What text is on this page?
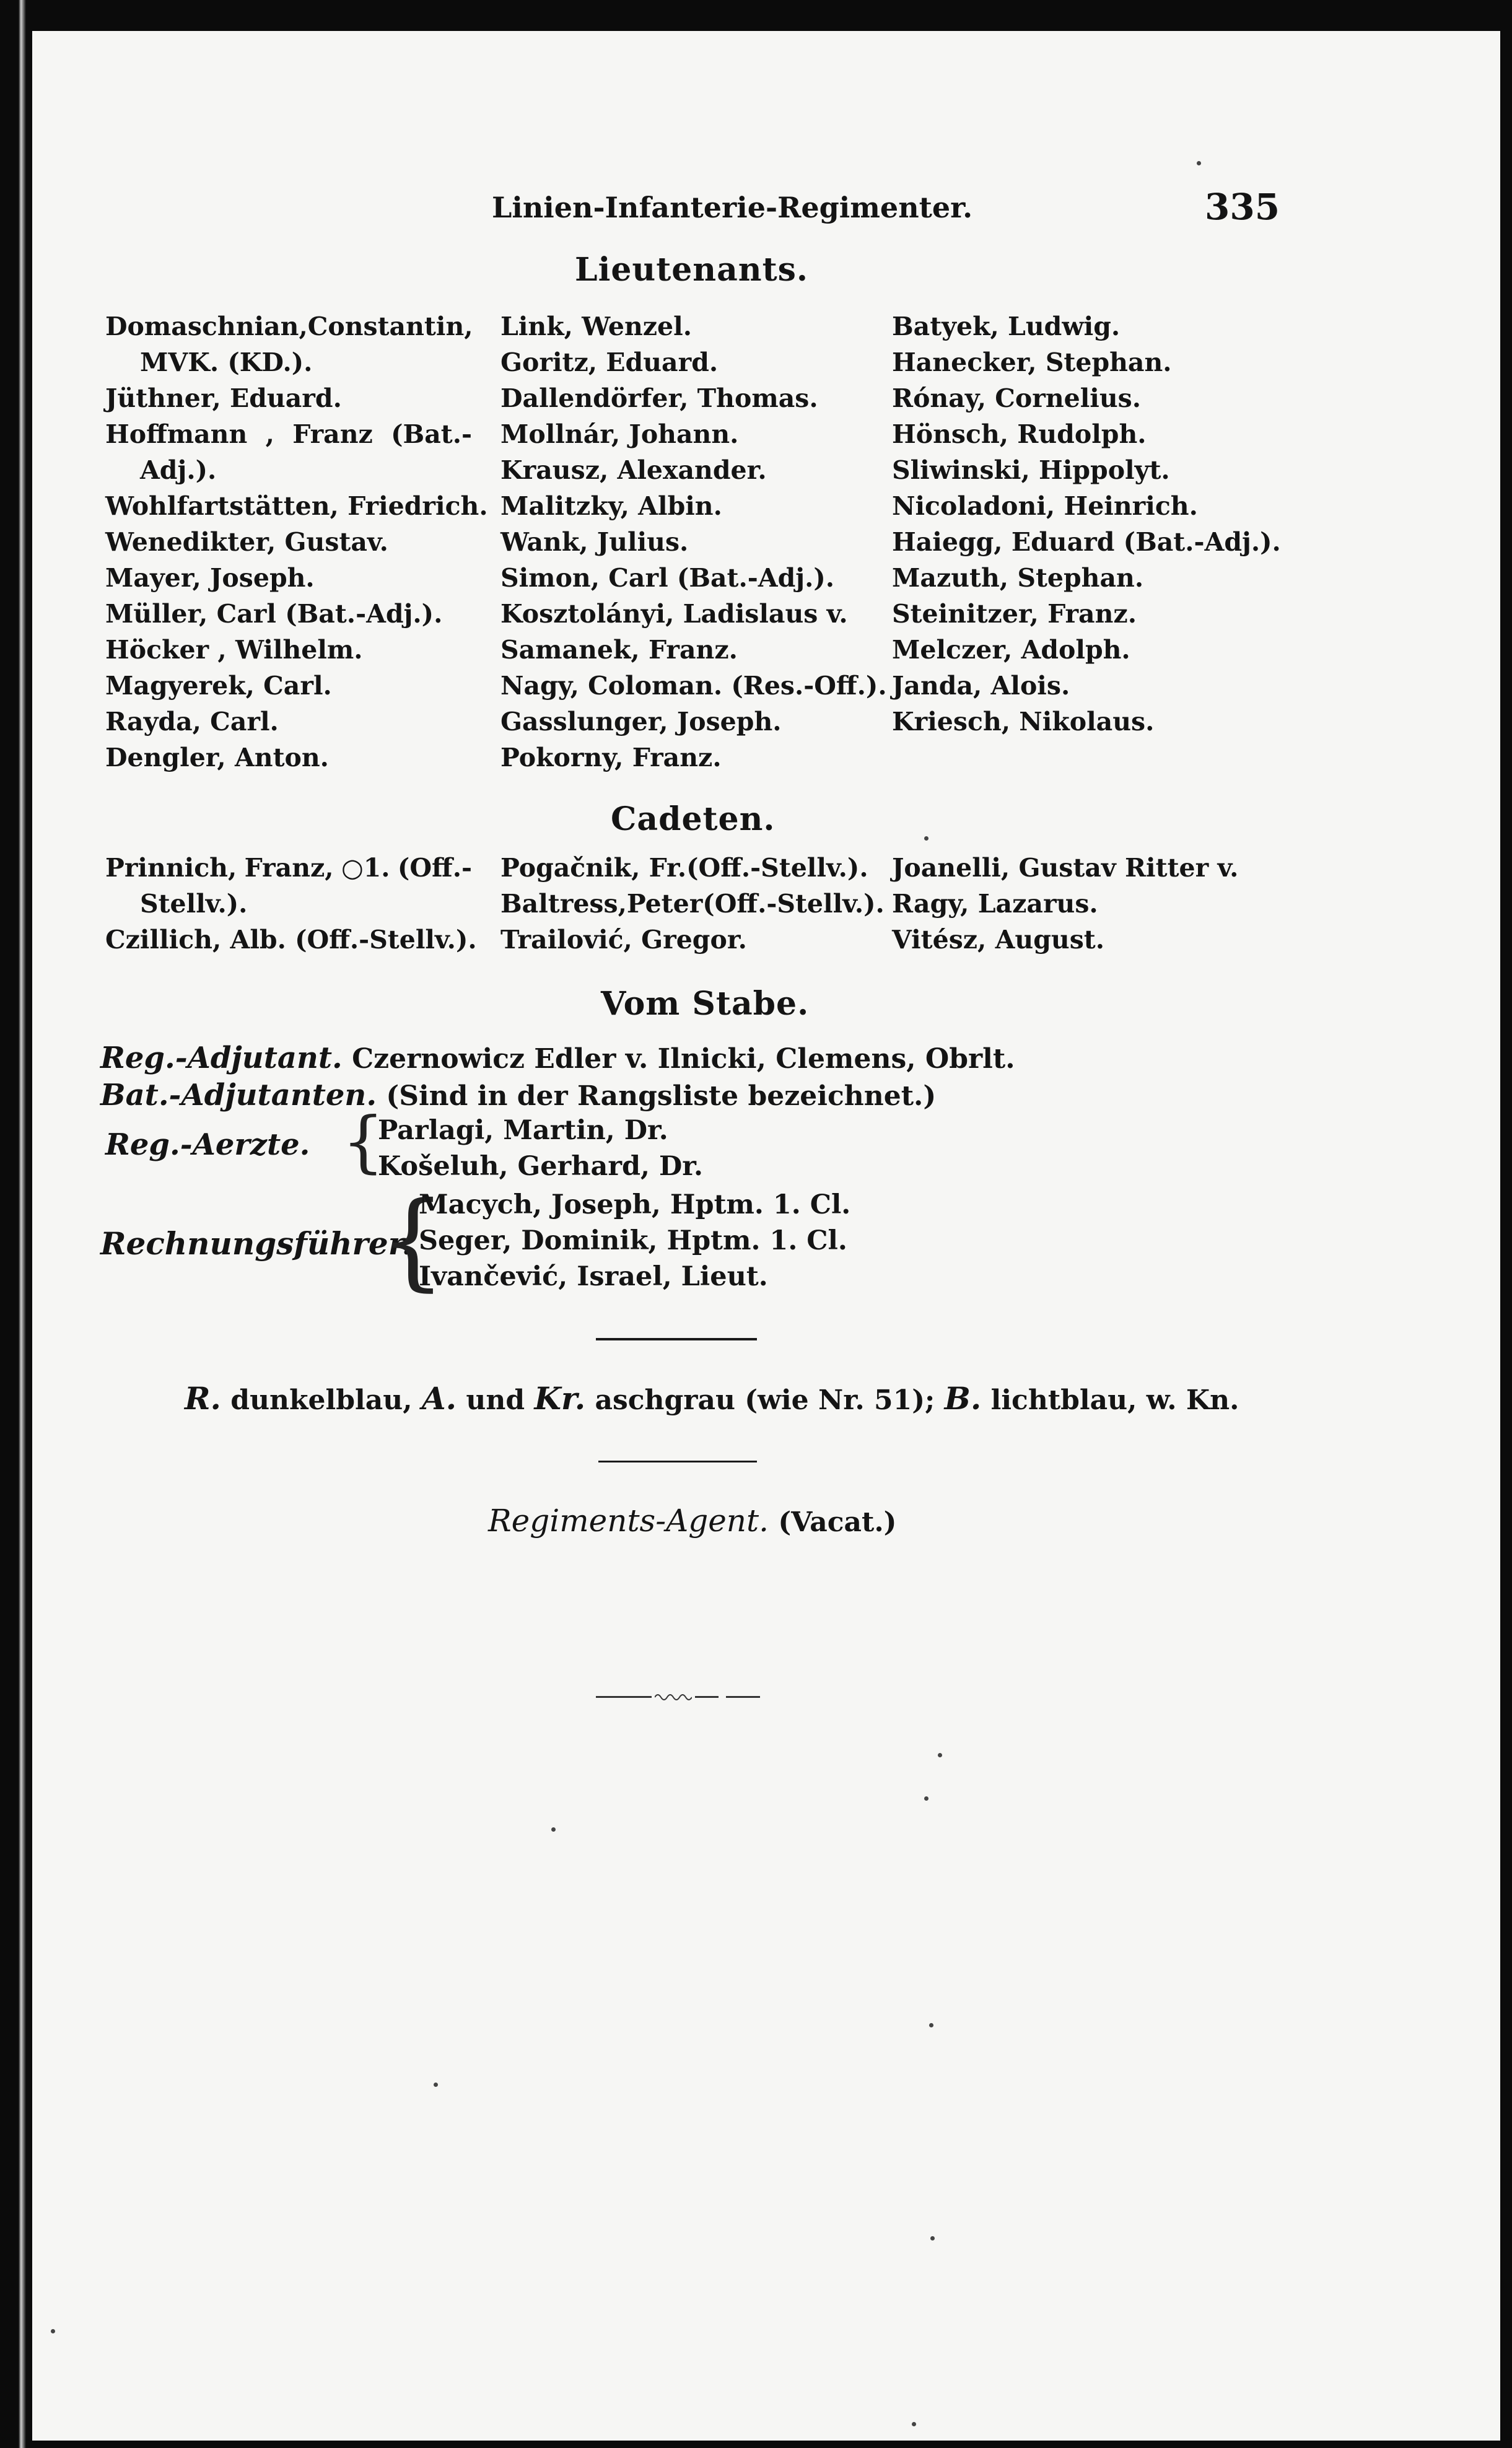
Linien-Infanterie-Regimenter.	335
Lieutenants.
Domaschnian, Constantin,
MVK. (KD.).
Jüthner, Eduard.
Hoffmann , Franz (Bat.-
Adj.).
Wohlfartstätten, Friedrich.
Wenedikter, Gustav.
Mayer, Joseph.
Müller, Carl (Bat.-Adj.).
Höcker , Wilhelm.
Magyerek, Carl.
Rayda, Carl.
Dengler, Anton.
Link, Wenzel.
Goritz, Eduard.
Dallendörfer, Thomas.
Mollnár, Johann.
Krausz, Alexander.
Malitzky, Albin.
Wank, Julius.
Simon, Carl (Bat.-Adj.).
Kosztolányi, Ladislaus v.
Samanek, Franz.
Nagy, Coloman. (Res.-Off.).
Gasslunger, Joseph.
Pokorny, Franz.
Batyek, Ludwig.
Hanecker, Stephan.
Rónay, Cornelius.
Hönsch, Rudolph.
Sliwinski, Hippolyt.
Nicoladoni, Heinrich.
Haiegg, Eduard (Bat.-Adj.).
Mazuth, Stephan.
Steinitzer, Franz.
Melczer, Adolph.
Janda, Alois.
Kriesch, Nikolaus.
Cadeten.
Prinnich, Franz, ○1. (Off.-
Stellv.).
Czillich, Alb. (Off.-Stellv.).
Pogačnik, Fr.(Off.-Stellv.).
Baltress,Peter(Off.-Stellv.).
Trailović, Gregor.
Joanelli, Gustav Ritter v.
Ragy, Lazarus.
Vitész, August.
Vom Stabe.
Reg.-Adjutant. Czernowicz Edler v. Ilnicki, Clemens, Obrlt.
Bat.-Adjutanten. (Sind in der Rangsliste bezeichnet.)
Reg.-Aerzte. {
Parlagi, Martin, Dr.
Košeluh, Gerhard, Dr.
Rechnungsführer.
{
Macych, Joseph, Hptm. 1. Cl.
Seger, Dominik, Hptm. 1. Cl.
Ivančević, Israel, Lieut.
R. dunkelblau, A. und Kr. aschgrau (wie Nr. 51); B. lichtblau, w. Kn.
Regiments-Agent. (Vacat.)
